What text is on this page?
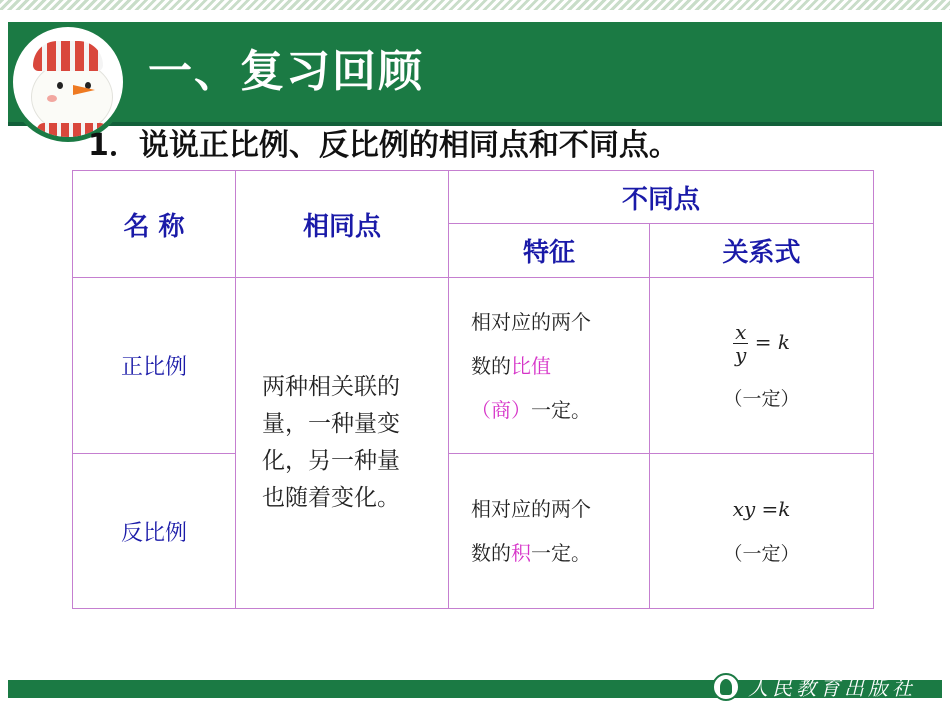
一、复习回顾
1．说说正比例、反比例的相同点和不同点。
名 称	相同点	不同点	
		特征	关系式
正比例	两种相关联的量，一种量变化，另一种量也随着变化。	相对应的两个
数的比值
（商）一定。	$\frac{x}{y} = k$
（一定）

反比例		相对应的两个
数的积一定。	xy =k
（一定）
人民教育出版社
